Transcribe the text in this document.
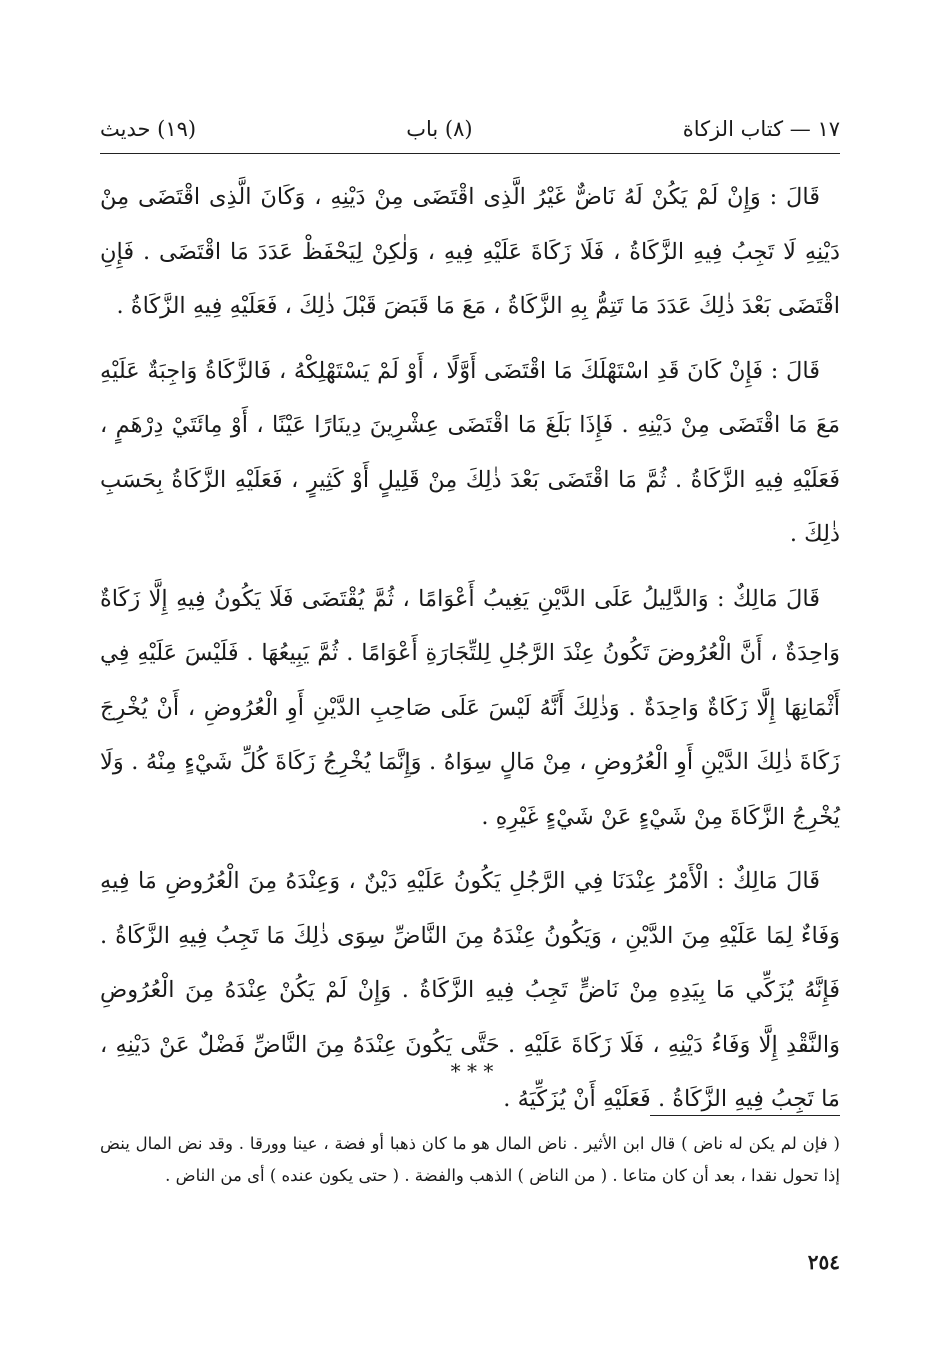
١٧ — كتاب الزكاة
(٨) باب
(١٩) حديث

قَالَ : وَإِنْ لَمْ يَكُنْ لَهُ نَاضٌّ غَيْرُ الَّذِى اقْتَضَى مِنْ دَيْنِهِ ، وَكَانَ الَّذِى اقْتَضَى مِنْ دَيْنِهِ لَا تَجِبُ فِيهِ الزَّكَاةُ ، فَلَا زَكَاةَ عَلَيْهِ فِيهِ ، وَلٰكِنْ لِيَحْفَظْ عَدَدَ مَا اقْتَضَى . فَإِنِ اقْتَضَى بَعْدَ ذٰلِكَ عَدَدَ مَا تَتِمُّ بِهِ الزَّكَاةُ ، مَعَ مَا قَبَضَ قَبْلَ ذٰلِكَ ، فَعَلَيْهِ فِيهِ الزَّكَاةُ .

قَالَ : فَإِنْ كَانَ قَدِ اسْتَهْلَكَ مَا اقْتَضَى أَوَّلًا ، أَوْ لَمْ يَسْتَهْلِكْهُ ، فَالزَّكَاةُ وَاجِبَةٌ عَلَيْهِ مَعَ مَا اقْتَضَى مِنْ دَيْنِهِ . فَإِذَا بَلَغَ مَا اقْتَضَى عِشْرِينَ دِينَارًا عَيْنًا ، أَوْ مِائَتَيْ دِرْهَمٍ ، فَعَلَيْهِ فِيهِ الزَّكَاةُ . ثُمَّ مَا اقْتَضَى بَعْدَ ذٰلِكَ مِنْ قَلِيلٍ أَوْ كَثِيرٍ ، فَعَلَيْهِ الزَّكَاةُ بِحَسَبِ ذٰلِكَ .

قَالَ مَالِكٌ : وَالدَّلِيلُ عَلَى الدَّيْنِ يَغِيبُ أَعْوَامًا ، ثُمَّ يُقْتَضَى فَلَا يَكُونُ فِيهِ إِلَّا زَكَاةٌ وَاحِدَةٌ ، أَنَّ الْعُرُوضَ تَكُونُ عِنْدَ الرَّجُلِ لِلتِّجَارَةِ أَعْوَامًا . ثُمَّ يَبِيعُهَا . فَلَيْسَ عَلَيْهِ فِي أَثْمَانِهَا إِلَّا زَكَاةٌ وَاحِدَةٌ . وَذٰلِكَ أَنَّهُ لَيْسَ عَلَى صَاحِبِ الدَّيْنِ أَوِ الْعُرُوضِ ، أَنْ يُخْرِجَ زَكَاةَ ذٰلِكَ الدَّيْنِ أَوِ الْعُرُوضِ ، مِنْ مَالٍ سِوَاهُ . وَإِنَّمَا يُخْرِجُ زَكَاةَ كُلِّ شَيْءٍ مِنْهُ . وَلَا يُخْرِجُ الزَّكَاةَ مِنْ شَيْءٍ عَنْ شَيْءٍ غَيْرِهِ .

قَالَ مَالِكٌ : الْأَمْرُ عِنْدَنَا فِي الرَّجُلِ يَكُونُ عَلَيْهِ دَيْنٌ ، وَعِنْدَهُ مِنَ الْعُرُوضِ مَا فِيهِ وَفَاءٌ لِمَا عَلَيْهِ مِنَ الدَّيْنِ ، وَيَكُونُ عِنْدَهُ مِنَ النَّاضِّ سِوَى ذٰلِكَ مَا تَجِبُ فِيهِ الزَّكَاةُ . فَإِنَّهُ يُزَكِّي مَا بِيَدِهِ مِنْ نَاضٍّ تَجِبُ فِيهِ الزَّكَاةُ . وَإِنْ لَمْ يَكُنْ عِنْدَهُ مِنَ الْعُرُوضِ وَالنَّقْدِ إِلَّا وَفَاءُ دَيْنِهِ ، فَلَا زَكَاةَ عَلَيْهِ . حَتَّى يَكُونَ عِنْدَهُ مِنَ النَّاضِّ فَضْلٌ عَنْ دَيْنِهِ ، مَا تَجِبُ فِيهِ الزَّكَاةُ . فَعَلَيْهِ أَنْ يُزَكِّيَهُ .

* * *

( فإن لم يكن له ناض ) قال ابن الأثير . ناض المال هو ما كان ذهبا أو فضة ، عينا وورقا . وقد نض المال ينض إذا تحول نقدا ، بعد أن كان متاعا . ( من الناض ) الذهب والفضة . ( حتى يكون عنده ) أى من الناض .

٢٥٤
